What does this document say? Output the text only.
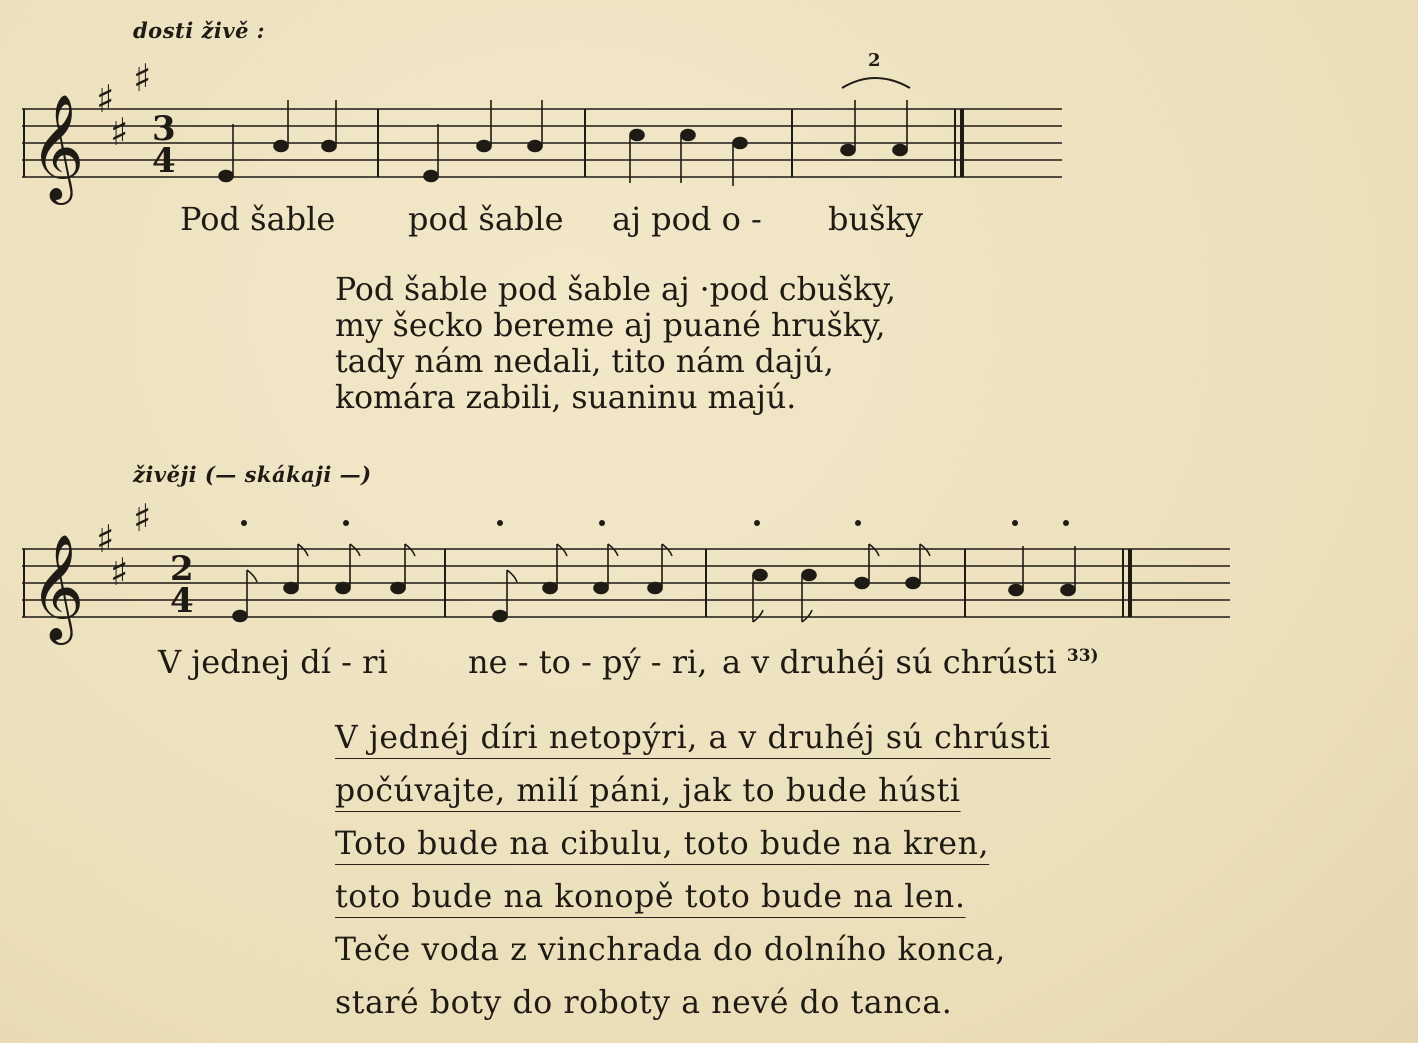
dosti živě :
𝄞 ♯ ♯
♯ 3
4
2
Pod šable pod šable aj pod o - bušky
Pod šable pod šable aj ·pod cbušky,
my šecko bereme aj puané hrušky,
tady nám nedali, tito nám dajú,
komára zabili, suaninu majú.
živěji (— skákaji —)
𝄞 ♯ ♯
♯ 2
4
V jednej dí - ri	ne - to - pý - ri, a v druhéj sú chrústi $^{33)}$
V jednéj díri netopýri, a v druhéj sú chrústi
počúvajte, milí páni, jak to bude hústi
Toto bude na cibulu, toto bude na kren,
toto bude na konopě toto bude na len.
Teče voda z vinchrada do dolního konca,
staré boty do roboty a nevé do tanca.
